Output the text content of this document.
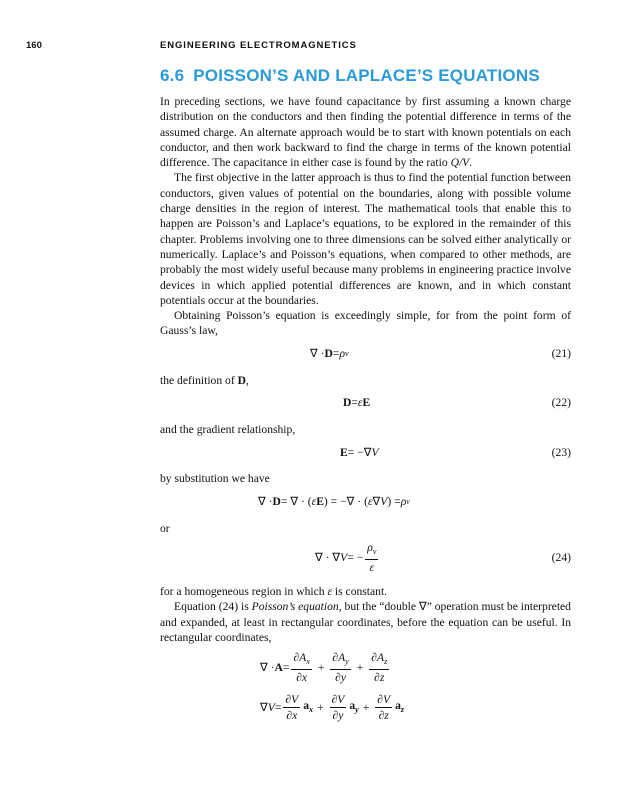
160	ENGINEERING ELECTROMAGNETICS
6.6 POISSON’S AND LAPLACE’S EQUATIONS

In preceding sections, we have found capacitance by first assuming a known charge distribution on the conductors and then finding the potential difference in terms of the assumed charge. An alternate approach would be to start with known potentials on each conductor, and then work backward to find the charge in terms of the known potential difference. The capacitance in either case is found by the ratio Q/V.

The first objective in the latter approach is thus to find the potential function between conductors, given values of potential on the boundaries, along with possible volume charge densities in the region of interest. The mathematical tools that enable this to happen are Poisson’s and Laplace’s equations, to be explored in the remainder of this chapter. Problems involving one to three dimensions can be solved either analytically or numerically. Laplace’s and Poisson’s equations, when compared to other methods, are probably the most widely useful because many problems in engineering practice involve devices in which applied potential differences are known, and in which constant potentials occur at the boundaries.

Obtaining Poisson’s equation is exceedingly simple, for from the point form of Gauss’s law,

∇ · D = ρ v	(21)

the definition of D,

D = ε E	(22)

and the gradient relationship,

E = −∇ V	(23)

by substitution we have

∇ · D = ∇ · ( ε E ) = −∇ · ( ε ∇ V ) = ρ v

or

∇ · ∇ V = − $\frac{\rho_v}{\varepsilon}$	(24)

for a homogeneous region in which ε is constant.

Equation (24) is Poisson’s equation, but the “double ∇” operation must be interpreted and expanded, at least in rectangular coordinates, before the equation can be useful. In rectangular coordinates,

∇ · $A = \frac{\partial A_x}{\partial x} + \frac{\partial A_y}{\partial y} + \frac{\partial A_z}{\partial z}$
∇ $V = \frac{\partial V}{\partial x} a_x + \frac{\partial V}{\partial y} a_y + \frac{\partial V}{\partial z} a_z$
